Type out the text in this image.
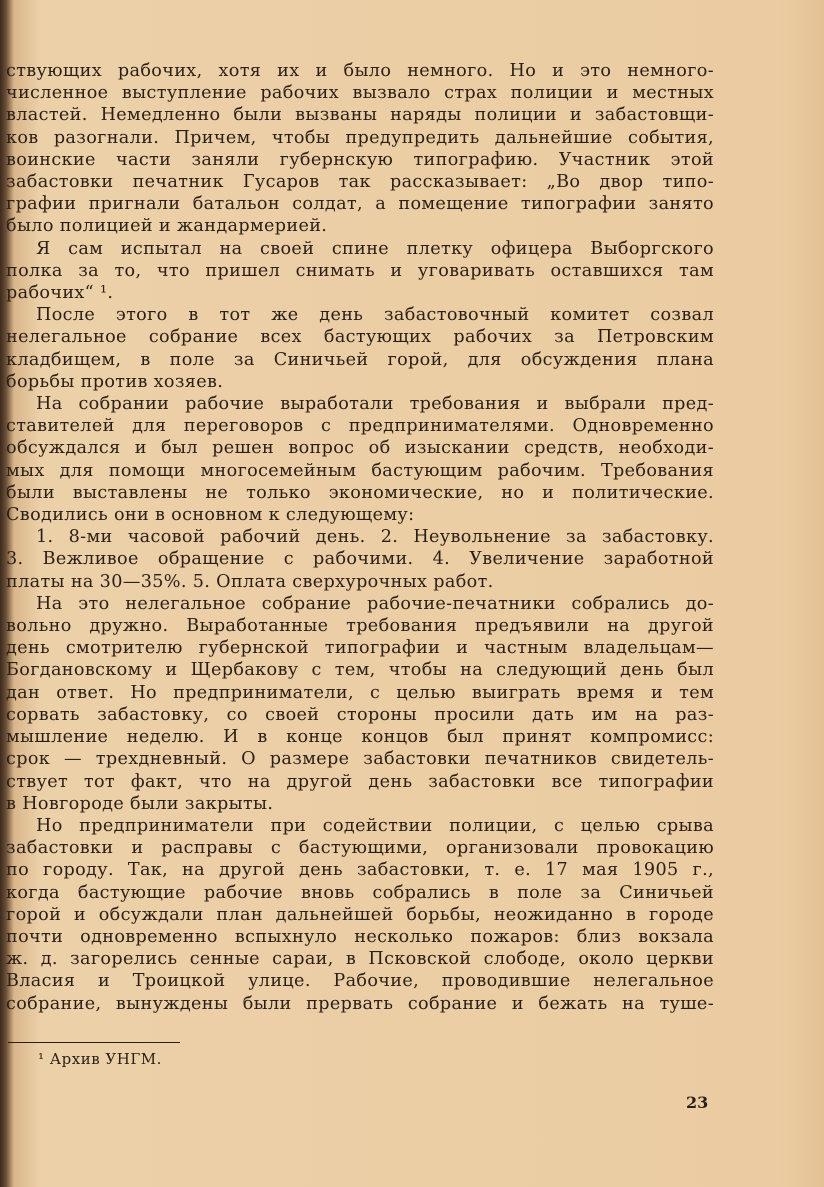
ствующих рабочих, хотя их и было немного. Но и это немного-

численное выступление рабочих вызвало страх полиции и местных

властей. Немедленно были вызваны наряды полиции и забастовщи-

ков разогнали. Причем, чтобы предупредить дальнейшие события,

воинские части заняли губернскую типографию. Участник этой

забастовки печатник Гусаров так рассказывает: „Во двор типо-

графии пригнали батальон солдат, а помещение типографии занято

было полицией и жандармерией.

Я сам испытал на своей спине плетку офицера Выборгского

полка за то, что пришел снимать и уговаривать оставшихся там

рабочих“ ¹.

После этого в тот же день забастовочный комитет созвал

нелегальное собрание всех бастующих рабочих за Петровским

кладбищем, в поле за Синичьей горой, для обсуждения плана

борьбы против хозяев.

На собрании рабочие выработали требования и выбрали пред-

ставителей для переговоров с предпринимателями. Одновременно

обсуждался и был решен вопрос об изыскании средств, необходи-

мых для помощи многосемейным бастующим рабочим. Требования

были выставлены не только экономические, но и политические.

Сводились они в основном к следующему:

1. 8-ми часовой рабочий день. 2. Неувольнение за забастовку.

3. Вежливое обращение с рабочими. 4. Увеличение заработной

платы на 30—35%. 5. Оплата сверхурочных работ.

На это нелегальное собрание рабочие-печатники собрались до-

вольно дружно. Выработанные требования предъявили на другой

день смотрителю губернской типографии и частным владельцам—

Богдановскому и Щербакову с тем, чтобы на следующий день был

дан ответ. Но предприниматели, с целью выиграть время и тем

сорвать забастовку, со своей стороны просили дать им на раз-

мышление неделю. И в конце концов был принят компромисс:

срок — трехдневный. О размере забастовки печатников свидетель-

ствует тот факт, что на другой день забастовки все типографии

в Новгороде были закрыты.

Но предприниматели при содействии полиции, с целью срыва

забастовки и расправы с бастующими, организовали провокацию

по городу. Так, на другой день забастовки, т. е. 17 мая 1905 г.,

когда бастующие рабочие вновь собрались в поле за Синичьей

горой и обсуждали план дальнейшей борьбы, неожиданно в городе

почти одновременно вспыхнуло несколько пожаров: близ вокзала

ж. д. загорелись сенные сараи, в Псковской слободе, около церкви

Власия и Троицкой улице. Рабочие, проводившие нелегальное

собрание, вынуждены были прервать собрание и бежать на туше-

¹ Архив УНГМ.
23
